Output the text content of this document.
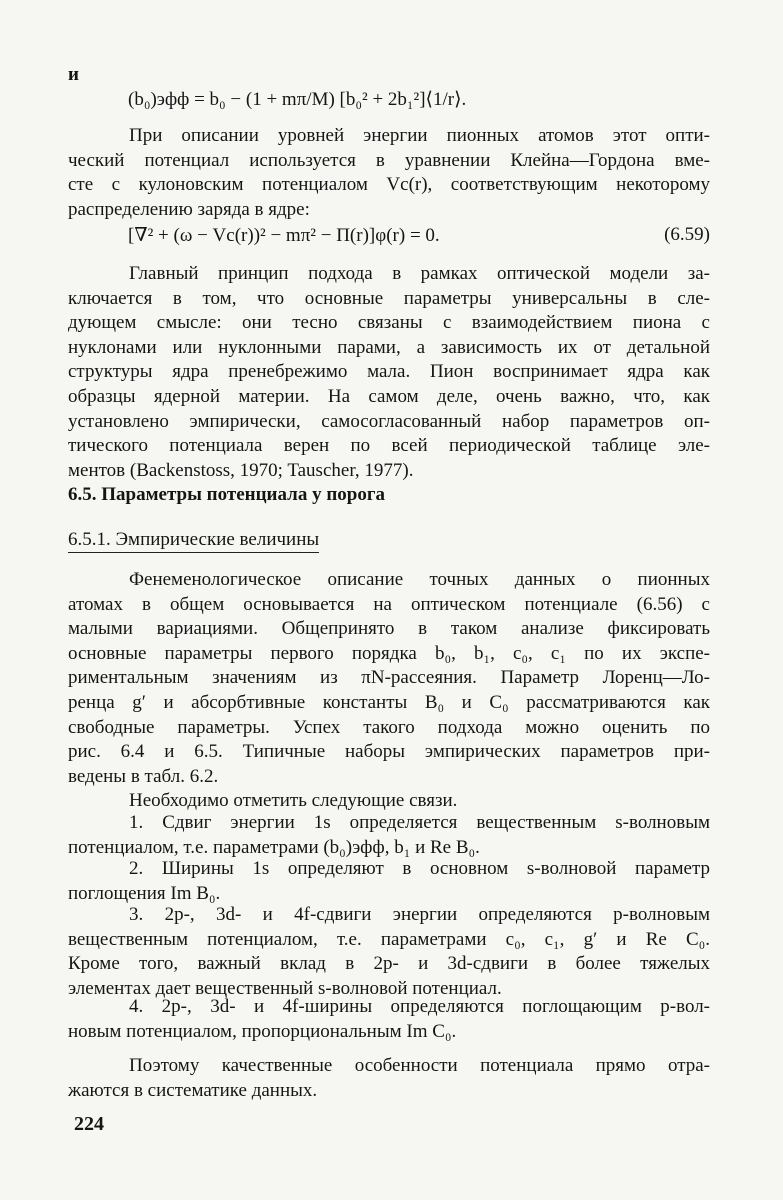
и
(b₀)эфф = b₀ − (1 + mπ/M) [b₀² + 2b₁²]⟨1/r⟩.

При описании уровней энергии пионных атомов этот опти-

ческий потенциал используется в уравнении Клейна—Гордона вме-

сте с кулоновским потенциалом Vc(r), соответствующим некоторому

распределению заряда в ядре:

[∇² + (ω − Vc(r))² − mπ² − Π(r)]φ(r) = 0.	(6.59)

Главный принцип подхода в рамках оптической модели за-

ключается в том, что основные параметры универсальны в сле-

дующем смысле: они тесно связаны с взаимодействием пиона с

нуклонами или нуклонными парами, а зависимость их от детальной

структуры ядра пренебрежимо мала. Пион воспринимает ядра как

образцы ядерной материи. На самом деле, очень важно, что, как

установлено эмпирически, самосогласованный набор параметров оп-

тического потенциала верен по всей периодической таблице эле-

ментов (Backenstoss, 1970; Tauscher, 1977).

6.5. Параметры потенциала у порога
6.5.1. Эмпирические величины

Фенеменологическое описание точных данных о пионных

атомах в общем основывается на оптическом потенциале (6.56) с

малыми вариациями. Общепринято в таком анализе фиксировать

основные параметры первого порядка b₀, b₁, c₀, c₁ по их экспе-

риментальным значениям из πN-рассеяния. Параметр Лоренц—Ло-

ренца g′ и абсорбтивные константы B₀ и C₀ рассматриваются как

свободные параметры. Успех такого подхода можно оценить по

рис. 6.4 и 6.5. Типичные наборы эмпирических параметров при-

ведены в табл. 6.2.

Необходимо отметить следующие связи.

1. Сдвиг энергии 1s определяется вещественным s-волновым

потенциалом, т.е. параметрами (b₀)эфф, b₁ и Re B₀.

2. Ширины 1s определяют в основном s-волновой параметр

поглощения Im B₀.

3. 2p-, 3d- и 4f-сдвиги энергии определяются p-волновым

вещественным потенциалом, т.е. параметрами c₀, c₁, g′ и Re C₀.

Кроме того, важный вклад в 2p- и 3d-сдвиги в более тяжелых

элементах дает вещественный s-волновой потенциал.

4. 2p-, 3d- и 4f-ширины определяются поглощающим p-вол-

новым потенциалом, пропорциональным Im C₀.

Поэтому качественные особенности потенциала прямо отра-

жаются в систематике данных.

224
